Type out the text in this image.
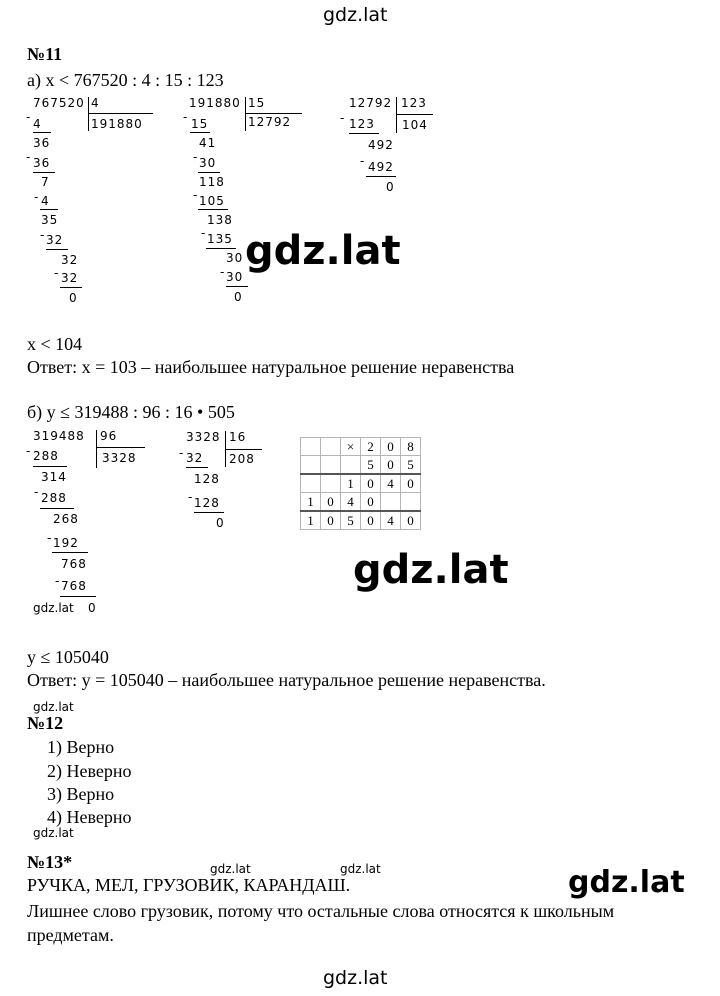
gdz.lat
gdz.lat
gdz.lat
gdz.lat
gdz.lat
№11
а) x < 767520 : 4 : 15 : 123
767520 4
191880
- 4
36
- 36
7
- 4
35
- 32
32
- 32
0
191880 15
12792
- 15
41
- 30
118
- 105
138
- 135
30
- 30
0
12792 123
104
- 123
492
- 492
0
x < 104
Ответ: x = 103 – наибольшее натуральное решение неравенства
б) y ≤ 319488 : 96 : 16 • 505
319488 96
3328
- 288
314
- 288
268
- 192
768
- 768
gdz.lat 0
3328 16
208
- 32
128
- 128
0
		×	2	0	8
			5	0	5
		1	0	4	0
1	0	4	0		
1	0	5	0	4	0
y ≤ 105040
Ответ: y = 105040 – наибольшее натуральное решение неравенства.
gdz.lat
№12
1) Верно
2) Неверно
3) Верно
4) Неверно
gdz.lat
№13*	gdz.lat	gdz.lat
РУЧКА, МЕЛ, ГРУЗОВИК, КАРАНДАШ.
Лишнее слово грузовик, потому что остальные слова относятся к школьным
предметам.
